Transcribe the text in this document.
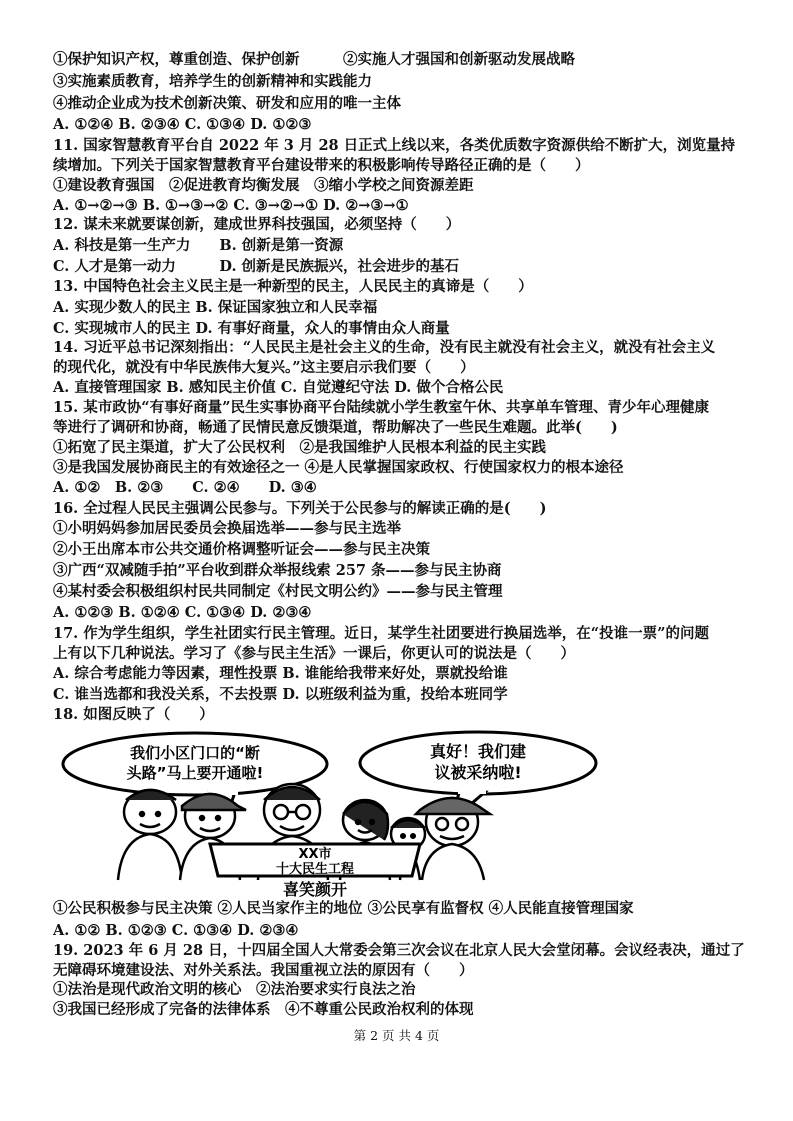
①保护知识产权，尊重创造、保护创新　　　②实施人才强国和创新驱动发展战略
③实施素质教育，培养学生的创新精神和实践能力
④推动企业成为技术创新决策、研发和应用的唯一主体
A. ①②④ B. ②③④ C. ①③④ D. ①②③
11. 国家智慧教育平台自 2022 年 3 月 28 日正式上线以来，各类优质数字资源供给不断扩大，浏览量持
续增加。下列关于国家智慧教育平台建设带来的积极影响传导路径正确的是（　　）
①建设教育强国　②促进教育均衡发展　③缩小学校之间资源差距
A. ①→②→③ B. ①→③→② C. ③→②→① D. ②→③→①
12. 谋未来就要谋创新，建成世界科技强国，必须坚持（　　）
A. 科技是第一生产力　　B. 创新是第一资源
C. 人才是第一动力　　　D. 创新是民族振兴，社会进步的基石
13. 中国特色社会主义民主是一种新型的民主，人民民主的真谛是（　　）
A. 实现少数人的民主 B. 保证国家独立和人民幸福
C. 实现城市人的民主 D. 有事好商量，众人的事情由众人商量
14. 习近平总书记深刻指出：“人民民主是社会主义的生命，没有民主就没有社会主义，就没有社会主义
的现代化，就没有中华民族伟大复兴。”这主要启示我们要（　　）
A. 直接管理国家 B. 感知民主价值 C. 自觉遵纪守法 D. 做个合格公民
15. 某市政协“有事好商量”民生实事协商平台陆续就小学生教室午休、共享单车管理、青少年心理健康
等进行了调研和协商，畅通了民情民意反馈渠道，帮助解决了一些民生难题。此举(　　)
①拓宽了民主渠道，扩大了公民权利　②是我国维护人民根本利益的民主实践
③是我国发展协商民主的有效途径之一 ④是人民掌握国家政权、行使国家权力的根本途径
A. ①②　B. ②③　　C. ②④　　D. ③④
16. 全过程人民民主强调公民参与。下列关于公民参与的解读正确的是(　　)
①小明妈妈参加居民委员会换届选举——参与民主选举
②小王出席本市公共交通价格调整听证会——参与民主决策
③广西“双减随手拍”平台收到群众举报线索 257 条——参与民主协商
④某村委会积极组织村民共同制定《村民文明公约》——参与民主管理
A. ①②③ B. ①②④ C. ①③④ D. ②③④
17. 作为学生组织，学生社团实行民主管理。近日，某学生社团要进行换届选举，在“投谁一票”的问题
上有以下几种说法。学习了《参与民主生活》一课后，你更认可的说法是（　　）
A. 综合考虑能力等因素，理性投票 B. 谁能给我带来好处，票就投给谁
C. 谁当选都和我没关系，不去投票 D. 以班级利益为重，投给本班同学
18. 如图反映了（　　）
我们小区门口的“断
头路”马上要开通啦!
真好！我们建
议被采纳啦!
XX市
十大民生工程
喜笑颜开
①公民积极参与民主决策 ②人民当家作主的地位 ③公民享有监督权 ④人民能直接管理国家
A. ①② B. ①②③ C. ①③④ D. ②③④
19. 2023 年 6 月 28 日，十四届全国人大常委会第三次会议在北京人民大会堂闭幕。会议经表决，通过了
无障碍环境建设法、对外关系法。我国重视立法的原因有（　　）
①法治是现代政治文明的核心　②法治要求实行良法之治
③我国已经形成了完备的法律体系　④不尊重公民政治权利的体现
第 2 页 共 4 页
